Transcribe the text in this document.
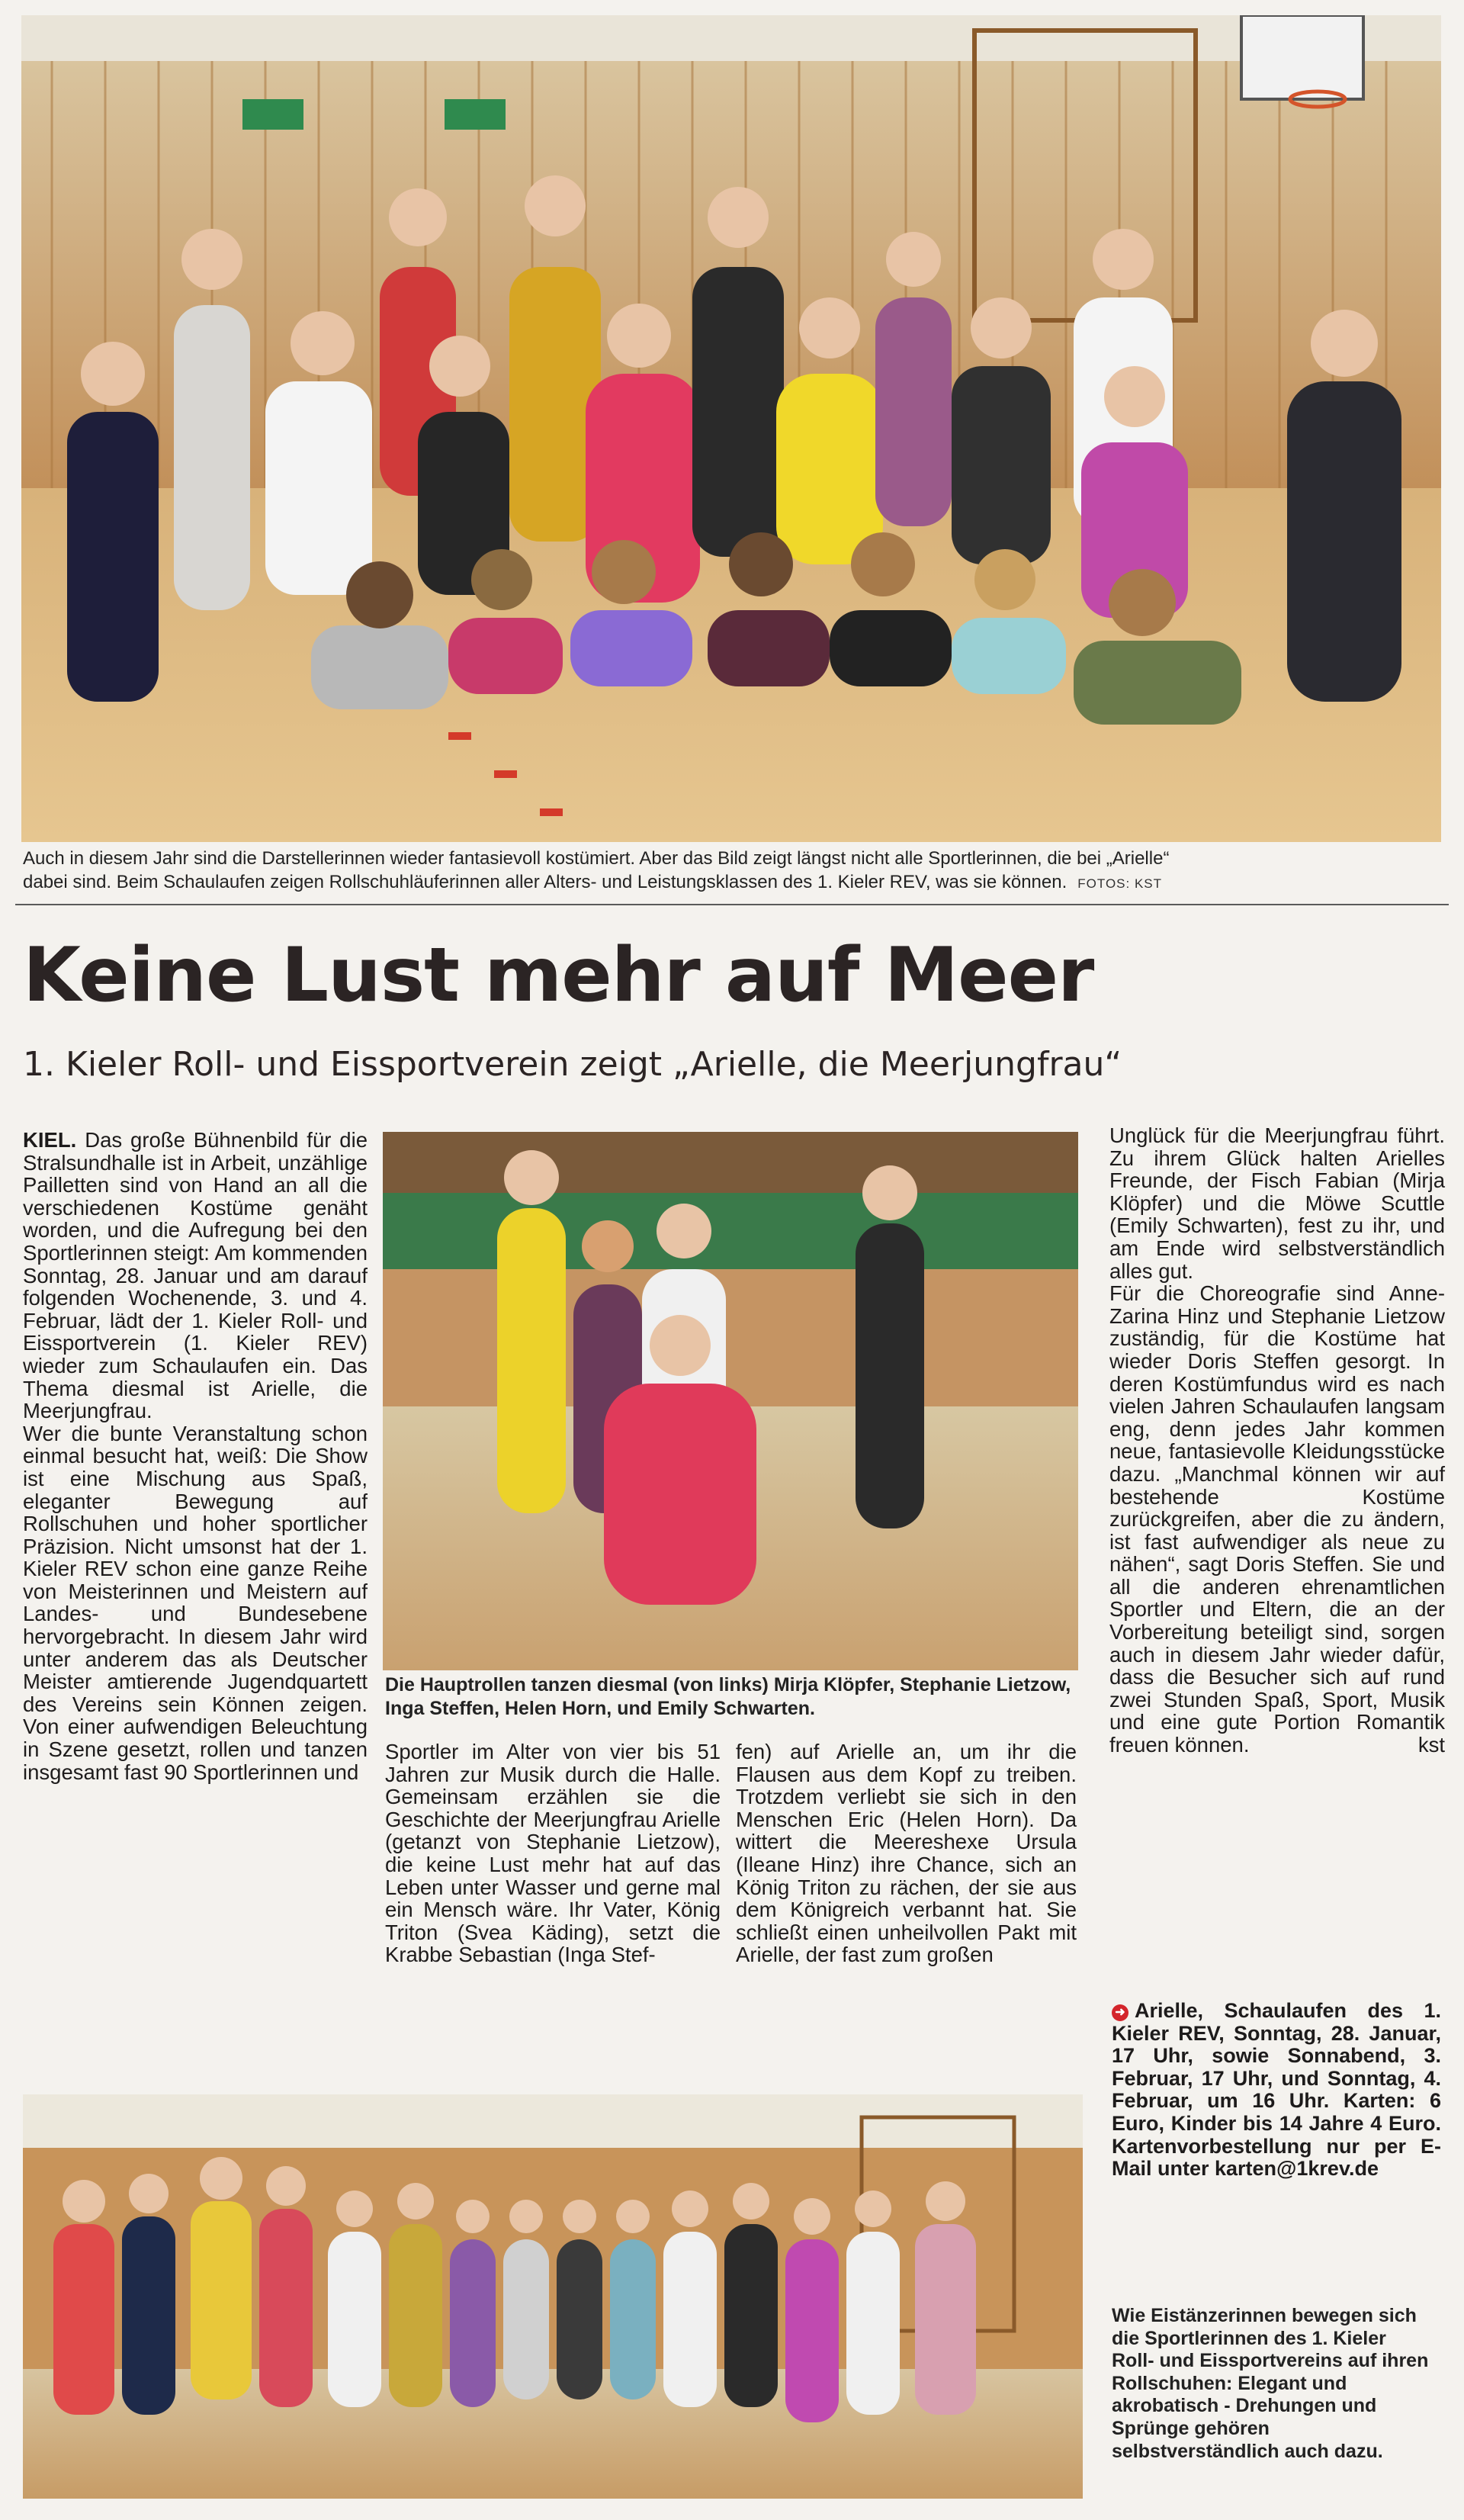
Auch in diesem Jahr sind die Darstellerinnen wieder fantasievoll kostümiert. Aber das Bild zeigt längst nicht alle Sportlerinnen, die bei „Arielle“
dabei sind. Beim Schaulaufen zeigen Rollschuhläuferinnen aller Alters- und Leistungsklassen des 1. Kieler REV, was sie können. FOTOS: KST
Keine Lust mehr auf Meer
1. Kieler Roll- und Eissportverein zeigt „Arielle, die Meerjungfrau“

KIEL. Das große Bühnenbild für die Stralsundhalle ist in Arbeit, unzählige Pailletten sind von Hand an all die verschiedenen Kostüme genäht worden, und die Aufregung bei den Sportlerinnen steigt: Am kommenden Sonntag, 28. Januar und am darauf folgenden Wochenende, 3. und 4. Februar, lädt der 1. Kieler Roll- und Eissportverein (1. Kieler REV) wieder zum Schaulaufen ein. Das Thema diesmal ist Arielle, die Meerjungfrau.

Wer die bunte Veranstaltung schon einmal besucht hat, weiß: Die Show ist eine Mischung aus Spaß, eleganter Bewegung auf Rollschuhen und hoher sportlicher Präzision. Nicht umsonst hat der 1. Kieler REV schon eine ganze Reihe von Meisterinnen und Meistern auf Landes- und Bundesebene hervorgebracht. In diesem Jahr wird unter anderem das als Deutscher Meister amtierende Jugendquartett des Vereins sein Können zeigen. Von einer aufwendigen Beleuchtung in Szene gesetzt, rollen und tanzen insgesamt fast 90 Sportlerinnen und

Die Hauptrollen tanzen diesmal (von links) Mirja Klöpfer, Stephanie Lietzow, Inga Steffen, Helen Horn, und Emily Schwarten.

Sportler im Alter von vier bis 51 Jahren zur Musik durch die Halle. Gemeinsam erzählen sie die Geschichte der Meerjungfrau Arielle (getanzt von Stephanie Lietzow), die keine Lust mehr hat auf das Leben unter Wasser und gerne mal ein Mensch wäre. Ihr Vater, König Triton (Svea Käding), setzt die Krabbe Sebastian (Inga Stef-

fen) auf Arielle an, um ihr die Flausen aus dem Kopf zu treiben. Trotzdem verliebt sie sich in den Menschen Eric (Helen Horn). Da wittert die Meereshexe Ursula (Ileane Hinz) ihre Chance, sich an König Triton zu rächen, der sie aus dem Königreich verbannt hat. Sie schließt einen unheilvollen Pakt mit Arielle, der fast zum großen

Unglück für die Meerjungfrau führt. Zu ihrem Glück halten Arielles Freunde, der Fisch Fabian (Mirja Klöpfer) und die Möwe Scuttle (Emily Schwarten), fest zu ihr, und am Ende wird selbstverständlich alles gut.

Für die Choreografie sind Anne-Zarina Hinz und Stephanie Lietzow zuständig, für die Kostüme hat wieder Doris Steffen gesorgt. In deren Kostümfundus wird es nach vielen Jahren Schaulaufen langsam eng, denn jedes Jahr kommen neue, fantasievolle Kleidungsstücke dazu. „Manchmal können wir auf bestehende Kostüme zurückgreifen, aber die zu ändern, ist fast aufwendiger als neue zu nähen“, sagt Doris Steffen. Sie und all die anderen ehrenamtlichen Sportler und Eltern, die an der Vorbereitung beteiligt sind, sorgen auch in diesem Jahr wieder dafür, dass die Besucher sich auf rund zwei Stunden Spaß, Sport, Musik und eine gute Portion Romantik freuen können.	kst

➜ Arielle, Schaulaufen des 1. Kieler REV, Sonntag, 28. Januar, 17 Uhr, sowie Sonnabend, 3. Februar, 17 Uhr, und Sonntag, 4. Februar, um 16 Uhr. Karten: 6 Euro, Kinder bis 14 Jahre 4 Euro. Kartenvorbestellung nur per E-Mail unter karten@1krev.de
Wie Eistänzerinnen bewegen sich die Sportlerinnen des 1. Kieler Roll- und Eissportvereins auf ihren Rollschuhen: Elegant und akrobatisch - Drehungen und Sprünge gehören selbstverständlich auch dazu.
